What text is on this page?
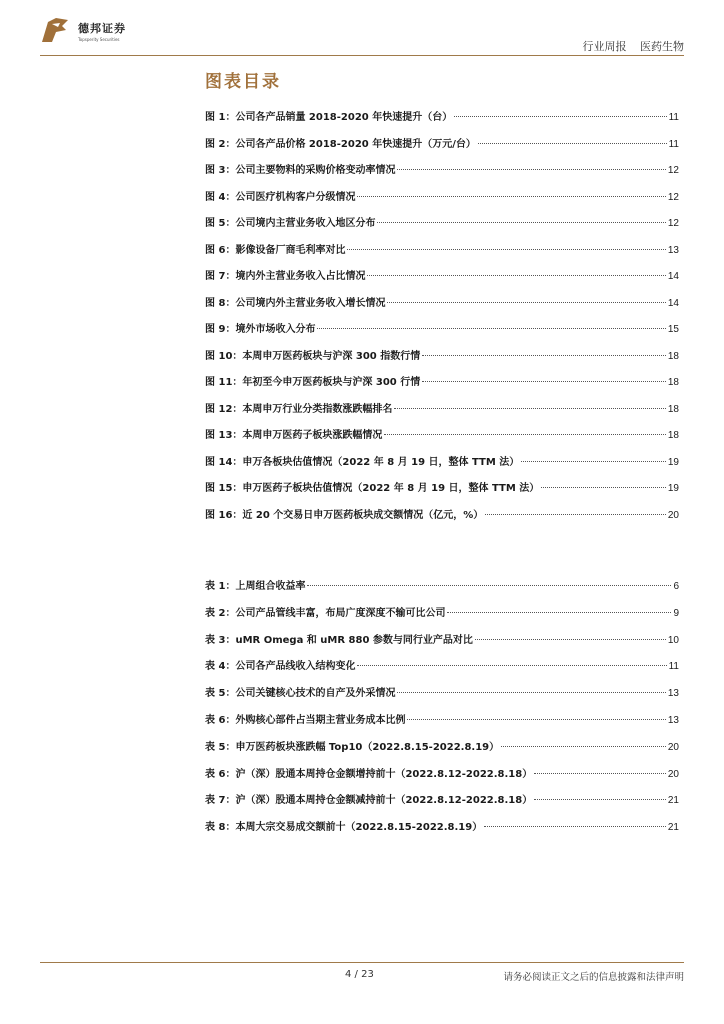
德邦证券
Topsperity Securities
行业周报 医药生物
图表目录
图 1： 公司各产品销量 2018-2020 年快速提升（台）	11
图 2： 公司各产品价格 2018-2020 年快速提升（万元/台）	11
图 3： 公司主要物料的采购价格变动率情况	12
图 4： 公司医疗机构客户分级情况	12
图 5： 公司境内主营业务收入地区分布	12
图 6： 影像设备厂商毛利率对比	13
图 7： 境内外主营业务收入占比情况	14
图 8： 公司境内外主营业务收入增长情况	14
图 9： 境外市场收入分布	15
图 10： 本周申万医药板块与沪深 300 指数行情	18
图 11： 年初至今申万医药板块与沪深 300 行情	18
图 12： 本周申万行业分类指数涨跌幅排名	18
图 13： 本周申万医药子板块涨跌幅情况	18
图 14： 申万各板块估值情况（2022 年 8 月 19 日，整体 TTM 法）	19
图 15： 申万医药子板块估值情况（2022 年 8 月 19 日，整体 TTM 法）	19
图 16： 近 20 个交易日申万医药板块成交额情况（亿元，%）	20
表 1： 上周组合收益率	6
表 2： 公司产品管线丰富，布局广度深度不输可比公司	9
表 3： uMR Omega 和 uMR 880 参数与同行业产品对比	10
表 4： 公司各产品线收入结构变化	11
表 5： 公司关键核心技术的自产及外采情况	13
表 6： 外购核心部件占当期主营业务成本比例	13
表 5： 申万医药板块涨跌幅 Top10（2022.8.15-2022.8.19）	20
表 6： 沪（深）股通本周持仓金额增持前十（2022.8.12-2022.8.18）	20
表 7： 沪（深）股通本周持仓金额减持前十（2022.8.12-2022.8.18）	21
表 8： 本周大宗交易成交额前十（2022.8.15-2022.8.19）	21
4 / 23	请务必阅读正文之后的信息披露和法律声明
